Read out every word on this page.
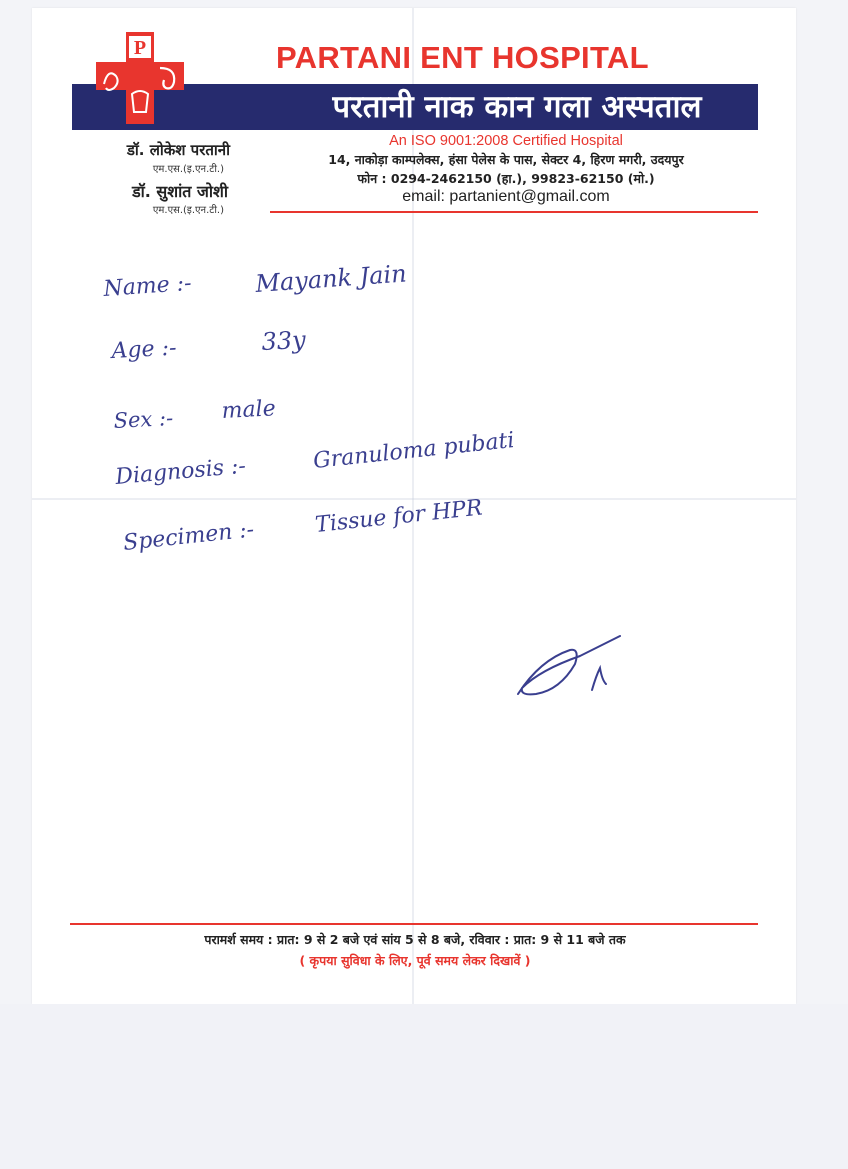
P	PARTANI ENT HOSPITAL
परतानी नाक कान गला अस्पताल
डॉ. लोकेश परतानी
एम.एस.(इ.एन.टी.)
डॉ. सुशांत जोशी
एम.एस.(इ.एन.टी.)
An ISO 9001:2008 Certified Hospital
14, नाकोड़ा काम्पलेक्स, हंसा पेलेस के पास, सेक्टर 4, हिरण मगरी, उदयपुर
फोन : 0294-2462150 (हा.), 99823-62150 (मो.)
email: partanient@gmail.com
Name :-	Mayank Jain
Age :-	33y
Sex :- male
Diagnosis :-	Granuloma pubati
Specimen :-	Tissue for HPR
signature
परामर्श समय : प्रात: 9 से 2 बजे एवं सांय 5 से 8 बजे, रविवार : प्रात: 9 से 11 बजे तक
( कृपया सुविधा के लिए, पूर्व समय लेकर दिखावें )
